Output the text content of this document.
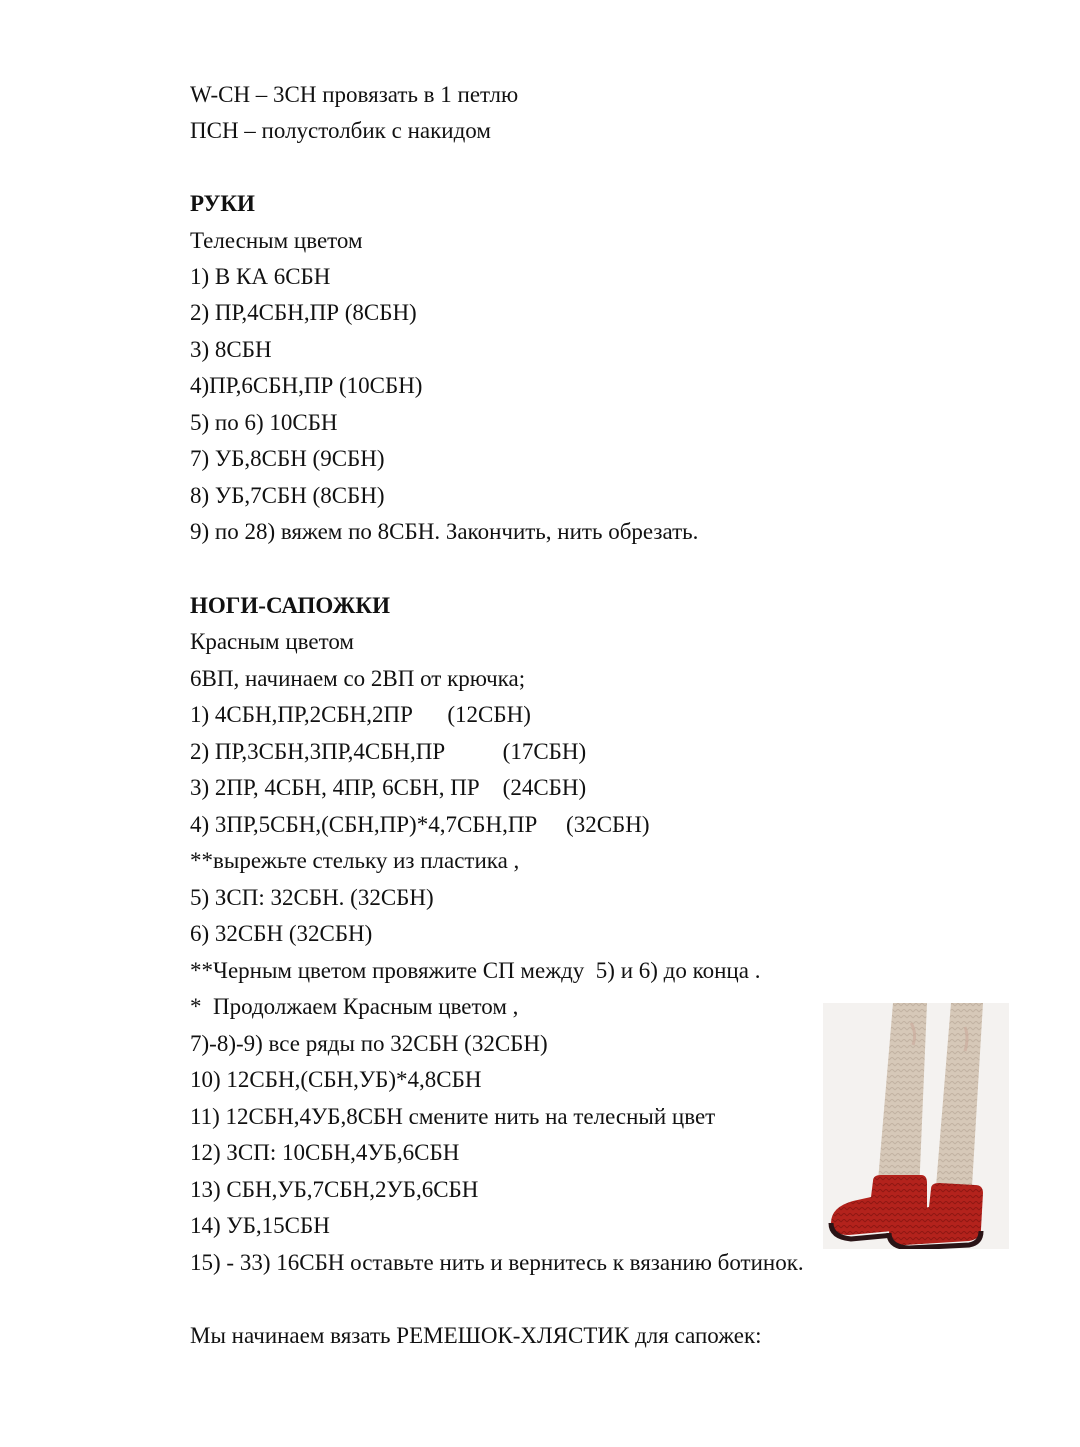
W-CH – 3CH провязать в 1 петлю
ПСН – полустолбик с накидом
РУКИ
Телесным цветом
1) В КА 6СБН
2) ПР,4СБН,ПР (8СБН)
3) 8СБН
4)ПР,6СБН,ПР (10СБН)
5) по 6) 10СБН
7) УБ,8СБН (9СБН)
8) УБ,7СБН (8СБН)
9) по 28) вяжем по 8СБН. Закончить, нить обрезать.
НОГИ-САПОЖКИ
Красным цветом
6ВП, начинаем со 2ВП от крючка;
1) 4СБН,ПР,2СБН,2ПР      (12СБН)
2) ПР,3СБН,3ПР,4СБН,ПР          (17СБН)
3) 2ПР, 4СБН, 4ПР, 6СБН, ПР    (24СБН)
4) 3ПР,5СБН,(СБН,ПР)*4,7СБН,ПР     (32СБН)
**вырежьте стельку из пластика ,
5) ЗСП: 32СБН. (32СБН)
6) 32СБН (32СБН)
**Черным цветом провяжите СП между  5) и 6) до конца .
*  Продолжаем Красным цветом ,
7)-8)-9) все ряды по 32СБН (32СБН)
10) 12СБН,(СБН,УБ)*4,8СБН
11) 12СБН,4УБ,8СБН смените нить на телесный цвет
12) ЗСП: 10СБН,4УБ,6СБН
13) СБН,УБ,7СБН,2УБ,6СБН
14) УБ,15СБН
15) - 33) 16СБН оставьте нить и вернитесь к вязанию ботинок.
Мы начинаем вязать РЕМЕШОК-ХЛЯСТИК для сапожек:
